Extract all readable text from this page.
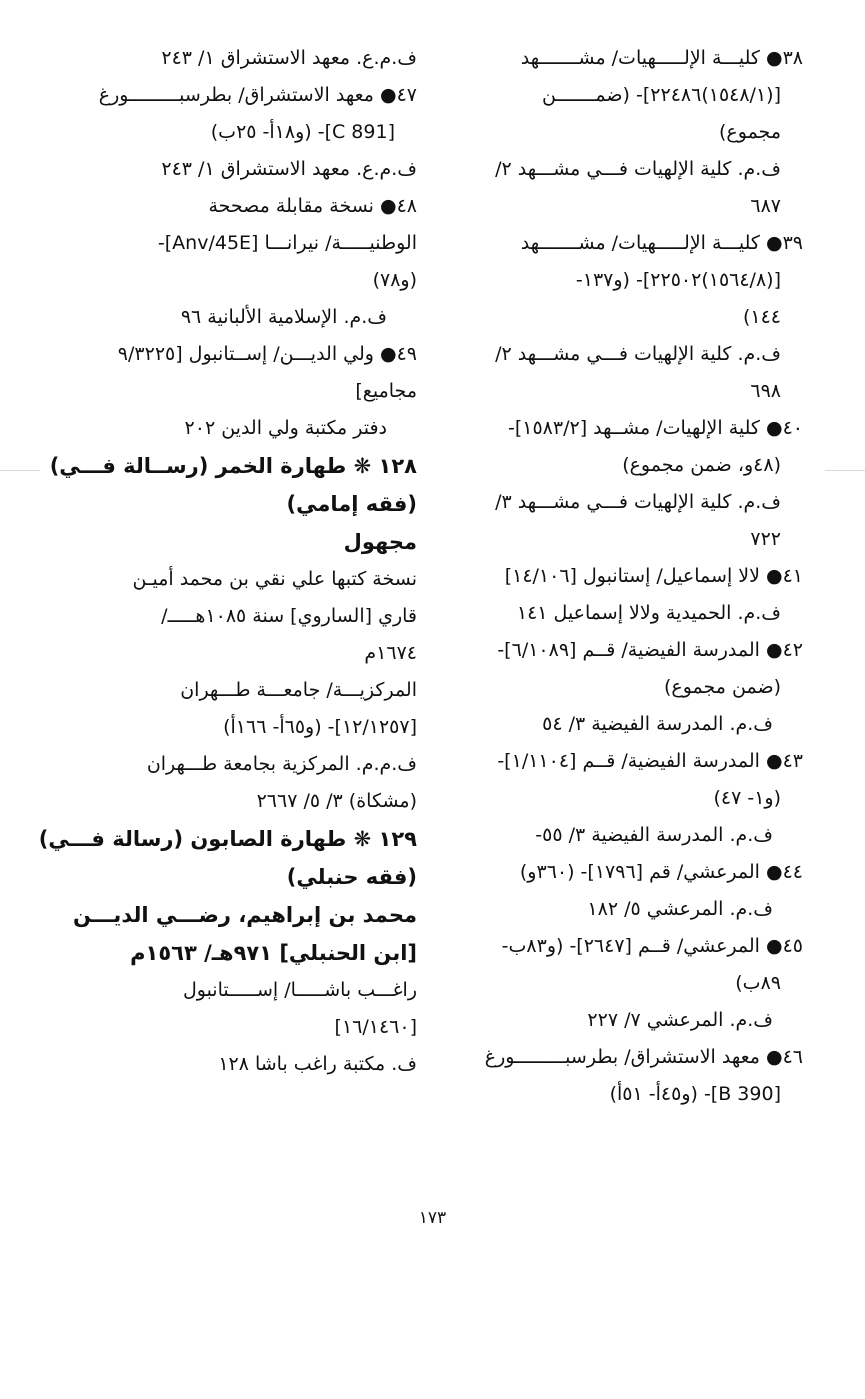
٣٨● كليـــة الإلـــــهيات/ مشـــــــهد
[(١٥٤٨/١)٢٢٤٨٦]- (ضمـــــــن
مجموع)
ف.م. كلية الإلهيات فـــي مشـــهد ٢/
٦٨٧
٣٩● كليـــة الإلـــــهيات/ مشـــــــهد
[(١٥٦٤/٨)٢٢٥٠٢]- (و١٣٧-
١٤٤)
ف.م. كلية الإلهيات فـــي مشـــهد ٢/
٦٩٨
٤٠● كلية الإلهيات/ مشــهد [١٥٨٣/٢]-
(٤٨و، ضمن مجموع)
ف.م. كلية الإلهيات فـــي مشـــهد ٣/
٧٢٢
٤١● لالا إسماعيل/ إستانبول [١٤/١٠٦]
ف.م. الحميدية ولالا إسماعيل ١٤١
٤٢● المدرسة الفيضية/ قــم [٦/١٠٨٩]-
(ضمن مجموع)
ف.م. المدرسة الفيضية ٣/ ٥٤
٤٣● المدرسة الفيضية/ قــم [١/١١٠٤]-
(و١- ٤٧)
ف.م. المدرسة الفيضية ٣/ ٥٥-
٤٤● المرعشي/ قم [١٧٩٦]- (٣٦٠و)
ف.م. المرعشي ٥/ ١٨٢
٤٥● المرعشي/ قــم [٢٦٤٧]- (و٨٣ب-
٨٩ب)
ف.م. المرعشي ٧/ ٢٢٧
٤٦● معهد الاستشراق/ بطرسبـــــــــورغ
[B 390]- (و٤٥أ- ٥١أ)
ف.م.ع. معهد الاستشراق ١/ ٢٤٣
٤٧● معهد الاستشراق/ بطرسبـــــــــورغ
[C 891]- (و١٨أ- ٢٥ب)
ف.م.ع. معهد الاستشراق ١/ ٢٤٣
٤٨● نسخة مقابلة مصححة
الوطنيـــــة/ نيرانـــا [Anv/45E]-
(و٧٨)
ف.م. الإسلامية الألبانية ٩٦
٤٩● ولي الديـــن/ إســتانبول [٩/٣٢٢٥
مجاميع]
دفتر مكتبة ولي الدين ٢٠٢
١٢٨ ❋ طهارة الخمر (رســالة فـــي)
(فقه إمامي)
مجهول
نسخة كتبها علي نقي بن محمد أميـن
قاري [الساروي] سنة ١٠٨٥هـــــ/
١٦٧٤م
المركزيـــة/ جامعـــة طـــهران
[١٢/١٢٥٧]- (و٦٥أ- ١٦٦أ)
ف.م.م. المركزية بجامعة طـــهران
(مشكاة) ٣/ ٥/ ٢٦٦٧
١٢٩ ❋ طهارة الصابون (رسالة فـــي)
(فقه حنبلي)
محمد بن إبراهيم، رضـــي الديـــن
[ابن الحنبلي] ٩٧١هـ/ ١٥٦٣م
راغـــب باشـــــا/ إســـــتانبول
[١٦/١٤٦٠]
ف. مكتبة راغب باشا ١٢٨
١٧٣
